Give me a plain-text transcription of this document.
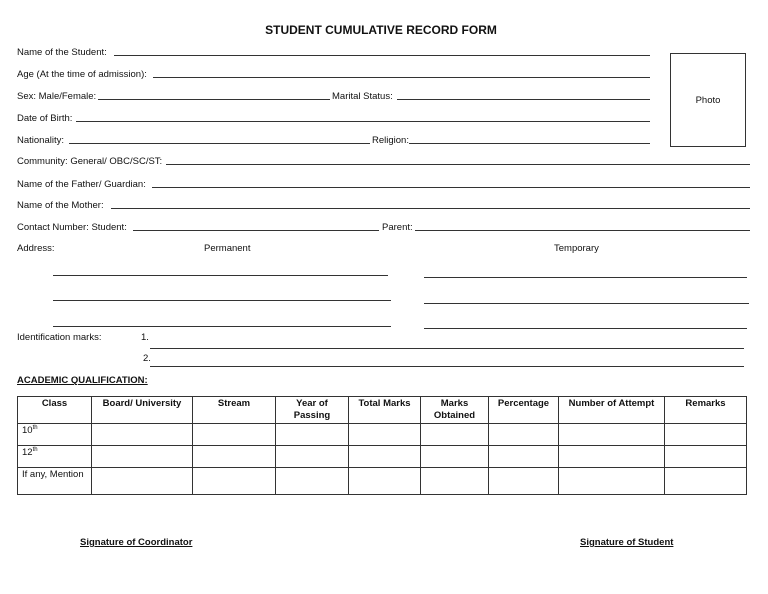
STUDENT CUMULATIVE RECORD FORM
Photo
Name of the Student:
Age (At the time of admission):
Sex: Male/Female:	Marital Status:
Date of Birth:
Nationality:	Religion:
Community: General/ OBC/SC/ST:
Name of the Father/ Guardian:
Name of the Mother:
Contact Number: Student:	Parent:
Address:	Permanent	Temporary
Identification marks:	1.
2.
ACADEMIC QUALIFICATION:
Class	Board/ University	Stream	Year of Passing	Total Marks	Marks Obtained	Percentage	Number of Attempt	Remarks
10th								
12th								
If any, Mention								
Signature of Coordinator	Signature of Student
